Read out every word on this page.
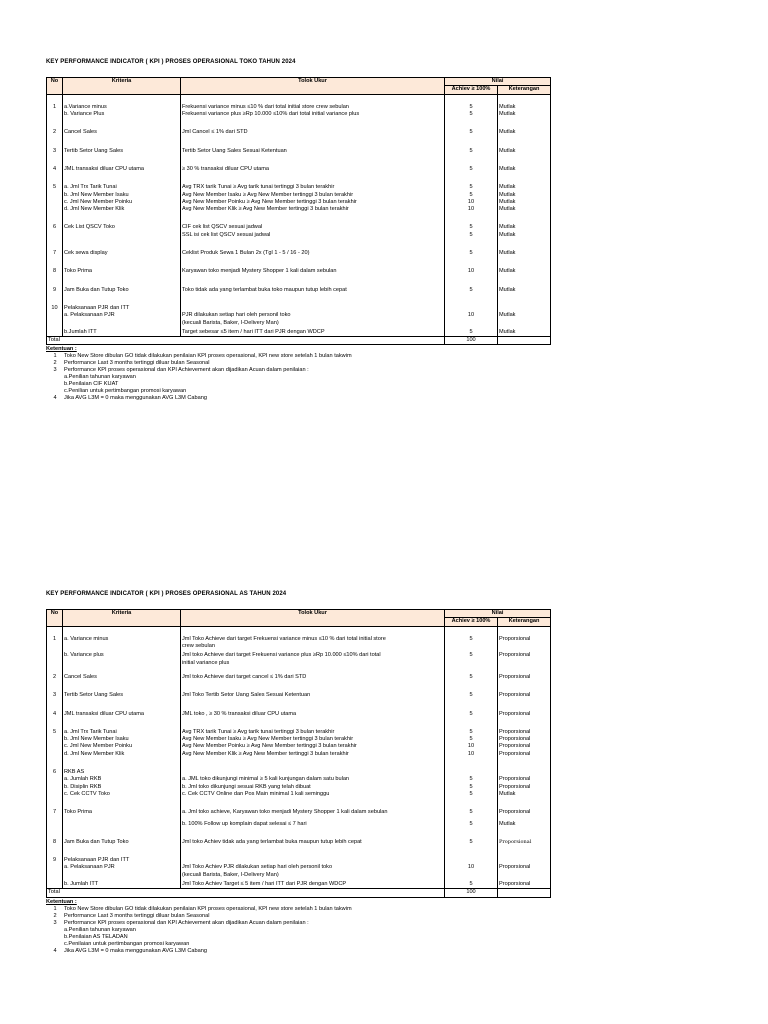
KEY PERFORMANCE INDICATOR ( KPI ) PROSES OPERASIONAL TOKO TAHUN 2024
No	Kriteria	Tolok Ukur	Nilai	
			Achiev ≥ 100%	Keterangan

1	a.Variance minus	Frekuensi variance minus ≤10 % dari total initial store crew sebulan	5	Mutlak
	b. Variance Plus	Frekuensi variance plus ≥Rp 10.000 ≤10% dari total initial variance plus	5	Mutlak

2	Cancel Sales	Jml Cancel ≤ 1% dari STD	5	Mutlak

3	Tertib Setor Uang Sales	Tertib Setor Uang Sales Sesuai Ketentuan	5	Mutlak

4	JML transaksi diluar CPU utama	≥ 30 % transaksi diluar CPU utama	5	Mutlak

5	a. Jml Trx Tarik Tunai	Avg TRX tarik Tunai ≥ Avg tarik tunai tertinggi 3 bulan terakhir	5	Mutlak
	b. Jml New Member Isaku	Avg New Member Isaku ≥ Avg New Member tertinggi 3 bulan terakhir	5	Mutlak
	c. Jml New Member Poinku	Avg New Member Poinku ≥ Avg New Member tertinggi 3 bulan terakhir	10	Mutlak
	d. Jml New Member Klik	Avg New Member Klik ≥ Avg New Member tertinggi 3 bulan terakhir	10	Mutlak

6	Cek List QSCV Toko	CIF cek list QSCV sesuai jadwal	5	Mutlak
		SSL isi cek list QSCV sesuai jadwal	5	Mutlak

7	Cek sewa display	Ceklist Produk Sewa 1 Bulan 2x (Tgl 1 - 5 / 16 - 20)	5	Mutlak

8	Toko Prima	Karyawan toko menjadi Mystery Shopper 1 kali dalam sebulan	10	Mutlak

9	Jam Buka dan Tutup Toko	Toko tidak ada yang terlambat buka toko maupun tutup lebih cepat	5	Mutlak

10	Pelaksanaan PJR dan ITT			
	a. Pelaksanaan PJR	PJR dilakukan setiap hari oleh personil toko	10	Mutlak
		(kecuali Barista, Baker, I-Delivery Man)		

	b.Jumlah ITT	Target sebesar ≤5 item / hari ITT dari PJR dengan WDCP	5	Mutlak
Total			100	
Ketentuan :
1 Toko New Store dibulan GO tidak dilakukan penilaian KPI proses operasional, KPI new store setelah 1 bulan takwim
2 Performance Last 3 months tertinggi diluar bulan Seasonal
3 Performance KPI proses operasional dan KPI Achievement akan dijadikan Acuan dalam penilaian :
a.Penilian tahunan karyawan
b.Penilaian CIF KUAT
c.Penilian untuk pertimbangan promosi karyawan
4 Jika AVG L3M = 0 maka menggunakan AVG L3M Cabang
KEY PERFORMANCE INDICATOR ( KPI ) PROSES OPERASIONAL AS TAHUN 2024
No	Kriteria	Tolok Ukur	Nilai	
			Achiev ≥ 100%	Keterangan

1	a. Variance minus	Jml Toko Achieve dari target Frekuensi variance minus ≤10 % dari total initial store	5	Proporsional
		crew sebulan		

	b. Variance plus	Jml toko Achieve dari target Frekuensi variance plus ≥Rp 10.000 ≤10% dari total	5	Proporsional
		initial variance plus		

2	Cancel Sales	Jml toko Achieve dari target cancel ≤ 1% dari STD	5	Proporsional

3	Tertib Setor Uang Sales	Jml Toko Tertib Setor Uang Sales Sesuai Ketentuan	5	Proporsional

4	JML transaksi diluar CPU utama	JML toko , ≥ 30 % transaksi diluar CPU utama	5	Proporsional

5	a. Jml Trx Tarik Tunai	Avg TRX tarik Tunai ≥ Avg tarik tunai tertinggi 3 bulan terakhir	5	Proporsional
	b. Jml New Member Isaku	Avg New Member Isaku ≥ Avg New Member tertinggi 3 bulan terakhir	5	Proporsional
	c. Jml New Member Poinku	Avg New Member Poinku ≥ Avg New Member tertinggi 3 bulan terakhir	10	Proporsional
	d. Jml New Member Klik	Avg New Member Klik ≥ Avg New Member tertinggi 3 bulan terakhir	10	Proporsional

6	RKB AS			
	a. Jumlah RKB	a. JML toko dikunjungi minimal ≥ 5 kali kunjungan dalam satu bulan	5	Proporsional
	b. Disiplin RKB	b. Jml toko dikunjungi sesuai RKB yang telah dibuat	5	Proporsional
	c. Cek CCTV Toko	c. Cek CCTV Online dan Pos Main minimal 1 kali seminggu	5	Mutlak

7	Toko Prima	a. Jml toko achieve, Karyawan toko menjadi Mystery Shopper 1 kali dalam sebulan	5	Proporsional

		b. 100% Follow up komplain dapat selesai ≤ 7 hari	5	Mutlak

8	Jam Buka dan Tutup Toko	Jml toko Achiev tidak ada yang terlambat buka maupun tutup lebih cepat	5	Proporsional

9	Pelaksanaan PJR dan ITT			
	a. Pelaksanaan PJR	Jml Toko Achiev PJR dilakukan setiap hari oleh personil toko	10	Proporsional
		(kecuali Barista, Baker, I-Delivery Man)		

	b. Jumlah ITT	Jml Toko Achiev Target ≤ 5 item / hari ITT dari PJR dengan WDCP	5	Proporsional
Total			100	
Ketentuan :
1 Toko New Store dibulan GO tidak dilakukan penilaian KPI proses operasional, KPI new store setelah 1 bulan takwim
2 Performance Last 3 months tertinggi diluar bulan Seasonal
3 Performance KPI proses operasional dan KPI Achievement akan dijadikan Acuan dalam penilaian :
a.Penilian tahunan karyawan
b.Penilaian AS TELADAN
c.Penilaian untuk pertimbangan promosi karyawan
4 Jika AVG L3M = 0 maka menggunakan AVG L3M Cabang
